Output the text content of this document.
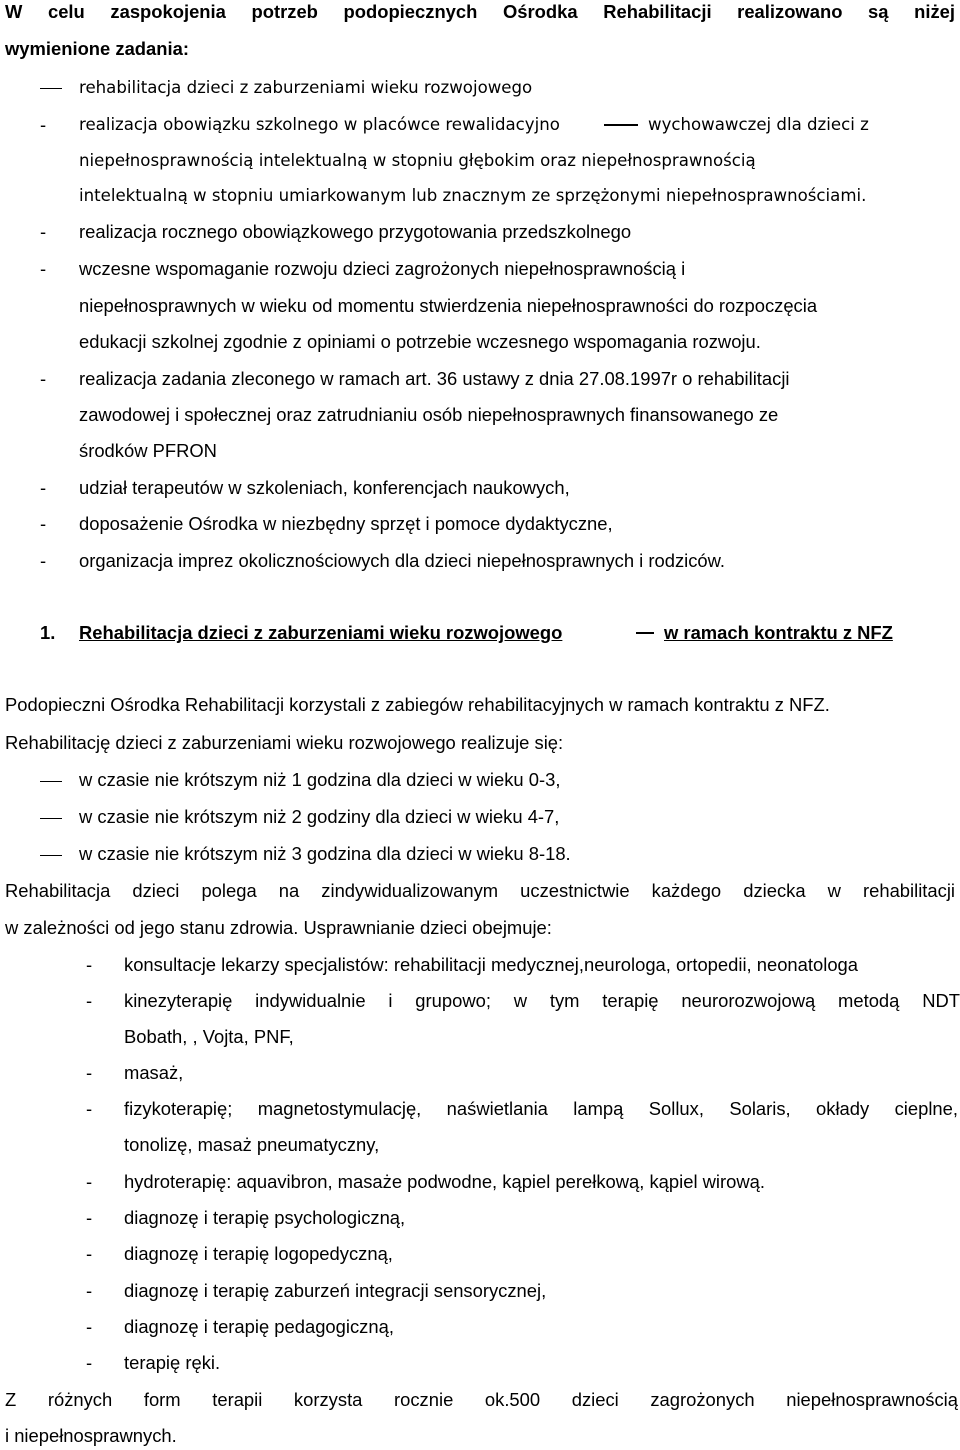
W celu zaspokojenia potrzeb podopiecznych Ośrodka Rehabilitacji realizowano są niżej
wymienione zadania:
rehabilitacja dzieci z zaburzeniami wieku rozwojowego
- realizacja obowiązku szkolnego w placówce rewalidacyjno	wychowawczej dla dzieci z
niepełnosprawnością intelektualną w stopniu głębokim oraz niepełnosprawnością
intelektualną w stopniu umiarkowanym lub znacznym ze sprzężonymi niepełnosprawnościami.
- realizacja rocznego obowiązkowego przygotowania przedszkolnego
- wczesne wspomaganie rozwoju dzieci zagrożonych niepełnosprawnością i
niepełnosprawnych w wieku od momentu stwierdzenia niepełnosprawności do rozpoczęcia
edukacji szkolnej zgodnie z opiniami o potrzebie wczesnego wspomagania rozwoju.
- realizacja zadania zleconego w ramach art. 36 ustawy z dnia 27.08.1997r o rehabilitacji
zawodowej i społecznej oraz zatrudnianiu osób niepełnosprawnych finansowanego ze
środków PFRON
- udział terapeutów w szkoleniach, konferencjach naukowych,
- doposażenie Ośrodka w niezbędny sprzęt i pomoce dydaktyczne,
- organizacja imprez okolicznościowych dla dzieci niepełnosprawnych i rodziców.
1. Rehabilitacja dzieci z zaburzeniami wieku rozwojowego	w ramach kontraktu z NFZ
Podopieczni Ośrodka Rehabilitacji korzystali z zabiegów rehabilitacyjnych w ramach kontraktu z NFZ.
Rehabilitację dzieci z zaburzeniami wieku rozwojowego realizuje się:
w czasie nie krótszym niż 1 godzina dla dzieci w wieku 0-3,
w czasie nie krótszym niż 2 godziny dla dzieci w wieku 4-7,
w czasie nie krótszym niż 3 godzina dla dzieci w wieku 8-18.
Rehabilitacja dzieci polega na zindywidualizowanym uczestnictwie każdego dziecka w rehabilitacji
w zależności od jego stanu zdrowia. Usprawnianie dzieci obejmuje:
- konsultacje lekarzy specjalistów: rehabilitacji medycznej,neurologa, ortopedii, neonatologa
- kinezyterapię indywidualnie i grupowo; w tym terapię neurorozwojową metodą NDT
Bobath, , Vojta, PNF,
- masaż,
- fizykoterapię; magnetostymulację, naświetlania lampą Sollux, Solaris, okłady cieplne,
tonolizę, masaż pneumatyczny,
- hydroterapię: aquavibron, masaże podwodne, kąpiel perełkową, kąpiel wirową.
- diagnozę i terapię psychologiczną,
- diagnozę i terapię logopedyczną,
- diagnozę i terapię zaburzeń integracji sensorycznej,
- diagnozę i terapię pedagogiczną,
- terapię ręki.
Z różnych form terapii korzysta rocznie ok.500 dzieci zagrożonych niepełnosprawnością
i niepełnosprawnych.
